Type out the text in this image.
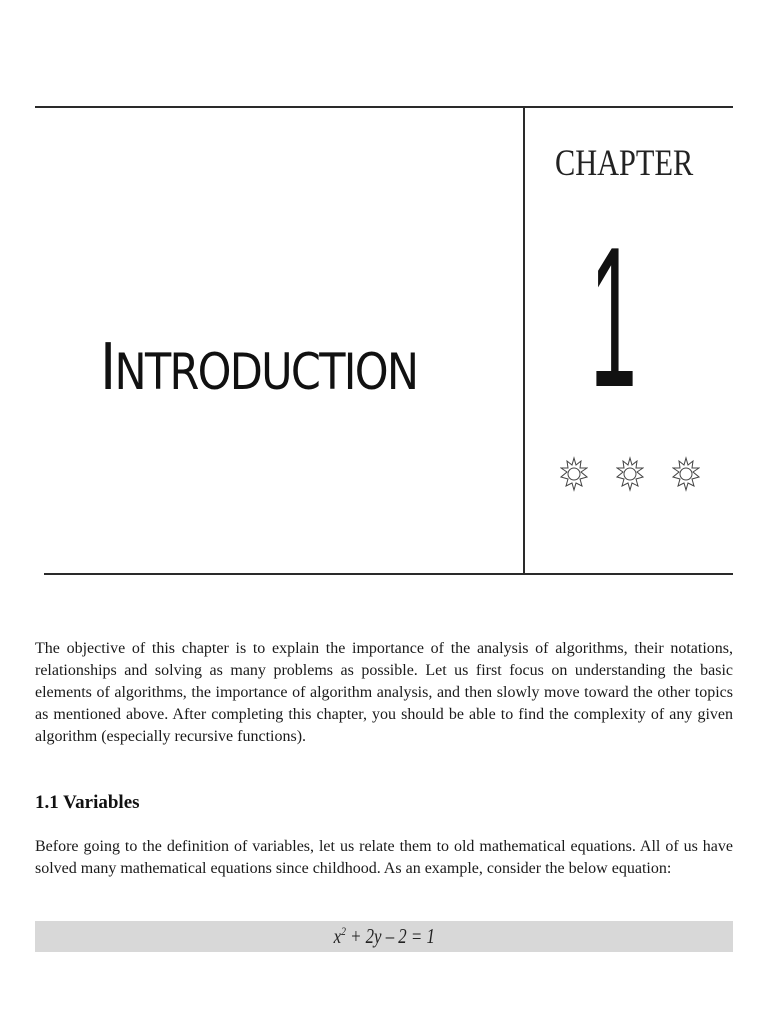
INTRODUCTION
CHAPTER
1

The objective of this chapter is to explain the importance of the analysis of algorithms, their notations, relationships and solving as many problems as possible. Let us first focus on understanding the basic elements of algorithms, the importance of algorithm analysis, and then slowly move toward the other topics as mentioned above. After completing this chapter, you should be able to find the complexity of any given algorithm (especially recursive functions).

1.1 Variables

Before going to the definition of variables, let us relate them to old mathematical equations. All of us have solved many mathematical equations since childhood. As an example, consider the below equation:

$x^2 + 2y - 2 = 1$
